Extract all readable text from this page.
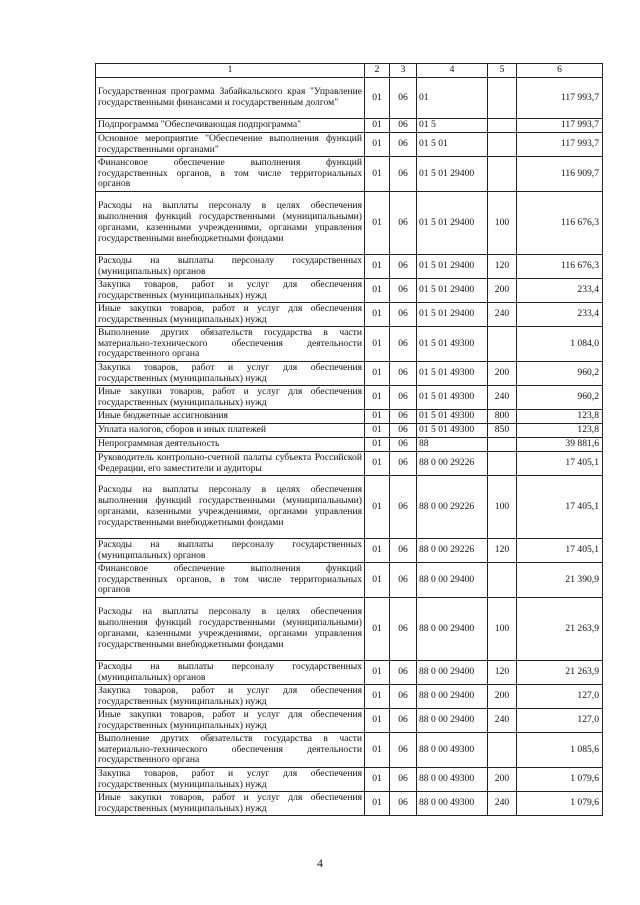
1	2	3	4	5	6
Государственная программа Забайкальского края "Управление государственными финансами и государственным долгом"	01	06	01		117 993,7
Подпрограмма "Обеспечивающая подпрограмма"	01	06	01 5		117 993,7
Основное мероприятие "Обеспечение выполнения функций государственными органами"	01	06	01 5 01		117 993,7
Финансовое обеспечение выполнения функций государственных органов, в том числе территориальных органов	01	06	01 5 01 29400		116 909,7
Расходы на выплаты персоналу в целях обеспечения выполнения функций государственными (муниципальными) органами, казенными учреждениями, органами управления государственными внебюджетными фондами	01	06	01 5 01 29400	100	116 676,3
Расходы на выплаты персоналу государственных (муниципальных) органов	01	06	01 5 01 29400	120	116 676,3
Закупка товаров, работ и услуг для обеспечения государственных (муниципальных) нужд	01	06	01 5 01 29400	200	233,4
Иные закупки товаров, работ и услуг для обеспечения государственных (муниципальных) нужд	01	06	01 5 01 29400	240	233,4
Выполнение других обязательств государства в части материально-технического обеспечения деятельности государственного органа	01	06	01 5 01 49300		1 084,0
Закупка товаров, работ и услуг для обеспечения государственных (муниципальных) нужд	01	06	01 5 01 49300	200	960,2
Иные закупки товаров, работ и услуг для обеспечения государственных (муниципальных) нужд	01	06	01 5 01 49300	240	960,2
Иные бюджетные ассигнования	01	06	01 5 01 49300	800	123,8
Уплата налогов, сборов и иных платежей	01	06	01 5 01 49300	850	123,8
Непрограммная деятельность	01	06	88		39 881,6
Руководитель контрольно-счетной палаты субъекта Российской Федерации, его заместители и аудиторы	01	06	88 0 00 29226		17 405,1
Расходы на выплаты персоналу в целях обеспечения выполнения функций государственными (муниципальными) органами, казенными учреждениями, органами управления государственными внебюджетными фондами	01	06	88 0 00 29226	100	17 405,1
Расходы на выплаты персоналу государственных (муниципальных) органов	01	06	88 0 00 29226	120	17 405,1
Финансовое обеспечение выполнения функций государственных органов, в том числе территориальных органов	01	06	88 0 00 29400		21 390,9
Расходы на выплаты персоналу в целях обеспечения выполнения функций государственными (муниципальными) органами, казенными учреждениями, органами управления государственными внебюджетными фондами	01	06	88 0 00 29400	100	21 263,9
Расходы на выплаты персоналу государственных (муниципальных) органов	01	06	88 0 00 29400	120	21 263,9
Закупка товаров, работ и услуг для обеспечения государственных (муниципальных) нужд	01	06	88 0 00 29400	200	127,0
Иные закупки товаров, работ и услуг для обеспечения государственных (муниципальных) нужд	01	06	88 0 00 29400	240	127,0
Выполнение других обязательств государства в части материально-технического обеспечения деятельности государственного органа	01	06	88 0 00 49300		1 085,6
Закупка товаров, работ и услуг для обеспечения государственных (муниципальных) нужд	01	06	88 0 00 49300	200	1 079,6
Иные закупки товаров, работ и услуг для обеспечения государственных (муниципальных) нужд	01	06	88 0 00 49300	240	1 079,6
4
